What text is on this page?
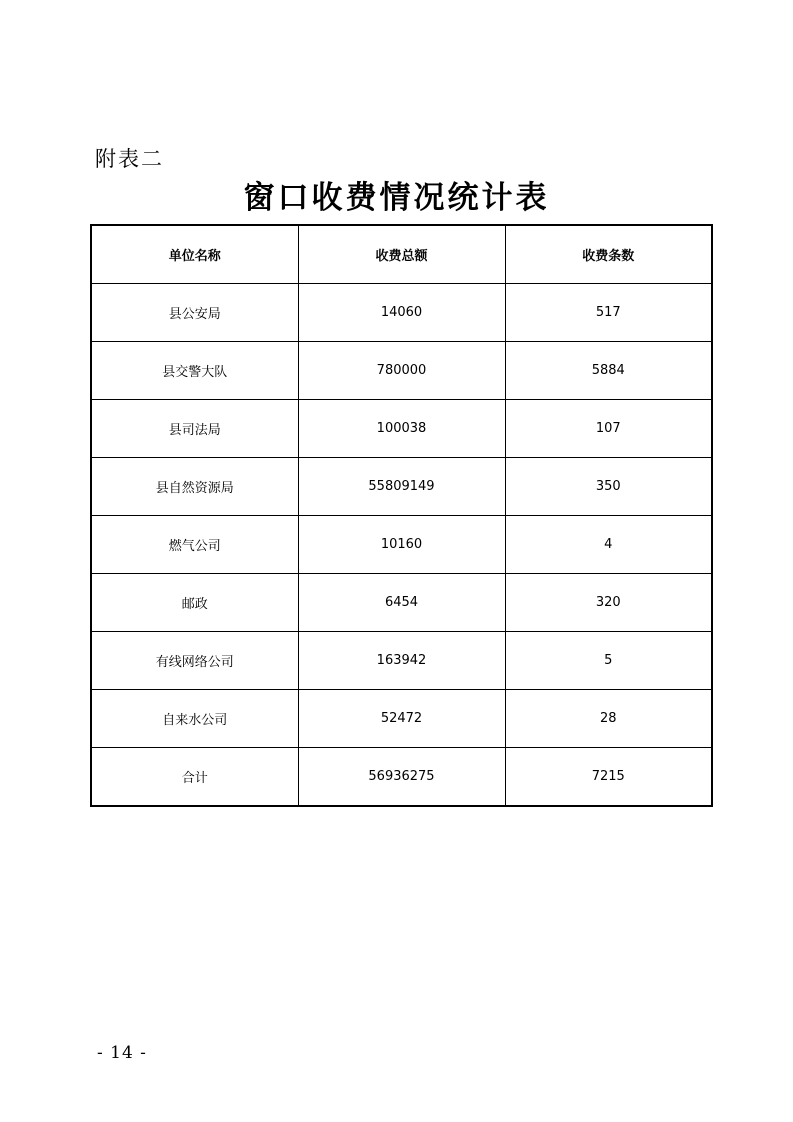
附表二
窗口收费情况统计表
单位名称	收费总额	收费条数
县公安局	14060	517
县交警大队	780000	5884
县司法局	100038	107
县自然资源局	55809149	350
燃气公司	10160	4
邮政	6454	320
有线网络公司	163942	5
自来水公司	52472	28
合计	56936275	7215
- 14 -
